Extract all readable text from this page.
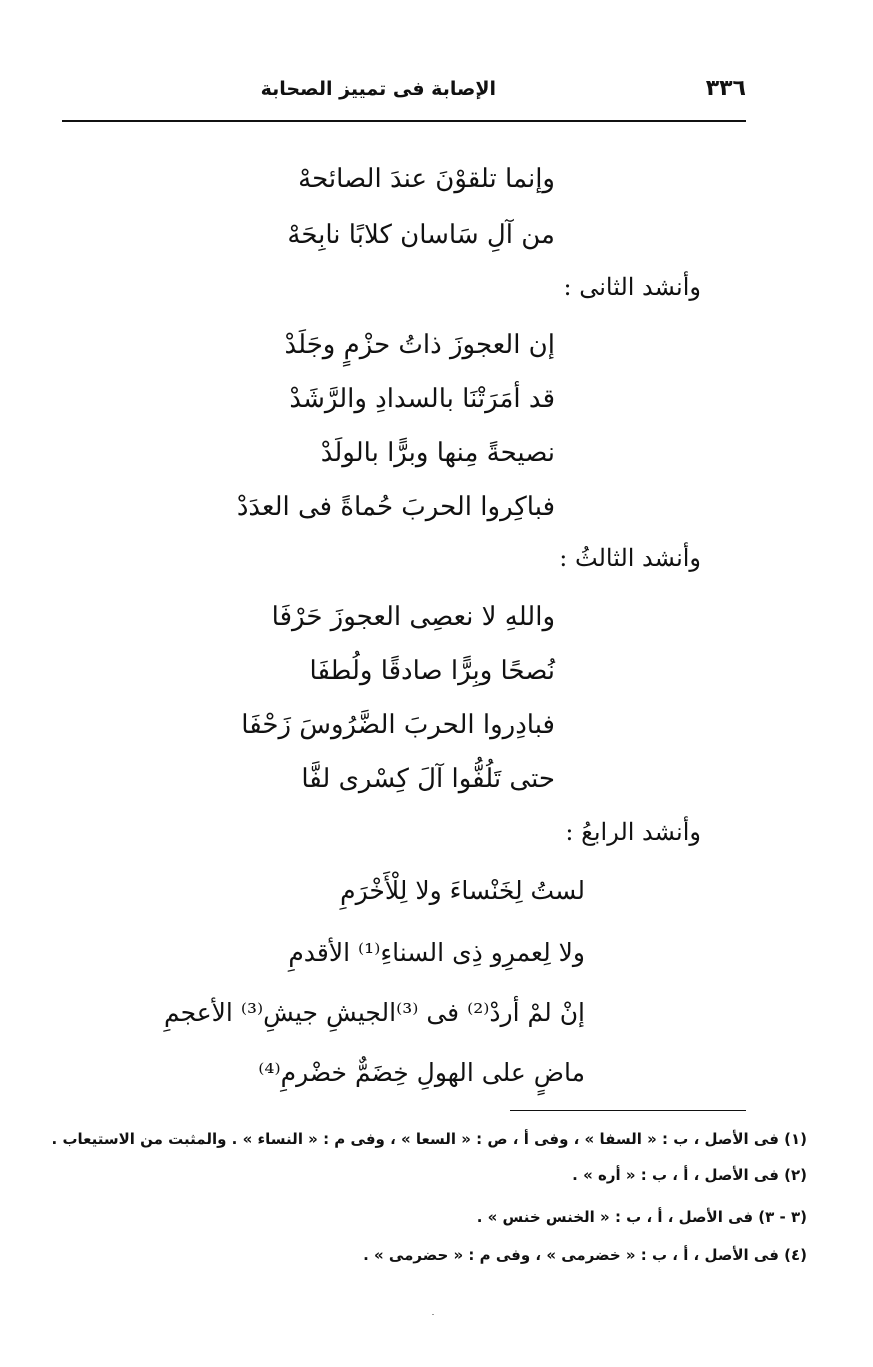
٣٣٦
الإصابة فى تمييز الصحابة
وإنما تلقوْنَ عندَ الصائحهْ
من آلِ سَاسان كلابًا نابِحَهْ
وأنشد الثانى :
إن العجوزَ ذاتُ حزْمٍ وجَلَدْ
قد أمَرَتْنَا بالسدادِ والرَّشَدْ
نصيحةً مِنها وبرًّا بالولَدْ
فباكِروا الحربَ حُماةً فى العدَدْ
وأنشد الثالثُ :
واللهِ لا نعصِى العجوزَ حَرْفَا
نُصحًا وبِرًّا صادقًا ولُطفَا
فبادِروا الحربَ الضَّرُوسَ زَحْفَا
حتى تَلُفُّوا آلَ كِسْرى لفَّا
وأنشد الرابعُ :
لستُ لِخَنْساءَ ولا لِلْأَخْرَمِ
ولا لِعمرِو ذِى السناءِ⁽¹⁾ الأقدمِ
إنْ لمْ أردْ⁽²⁾ فى ⁽³⁾الجيشِ جيشِ⁽³⁾ الأعجمِ
ماضٍ على الهولِ خِضَمٌّ خضْرمِ⁽⁴⁾
(١) فى الأصل ، ب : « السفا » ، وفى أ ، ص : « السعا » ، وفى م : « النساء » . والمثبت من الاستيعاب .
(٢) فى الأصل ، أ ، ب : « أره » .
(٣ - ٣) فى الأصل ، أ ، ب : « الخنس خنس » .
(٤) فى الأصل ، أ ، ب : « خضرمى » ، وفى م : « حضرمى » .
